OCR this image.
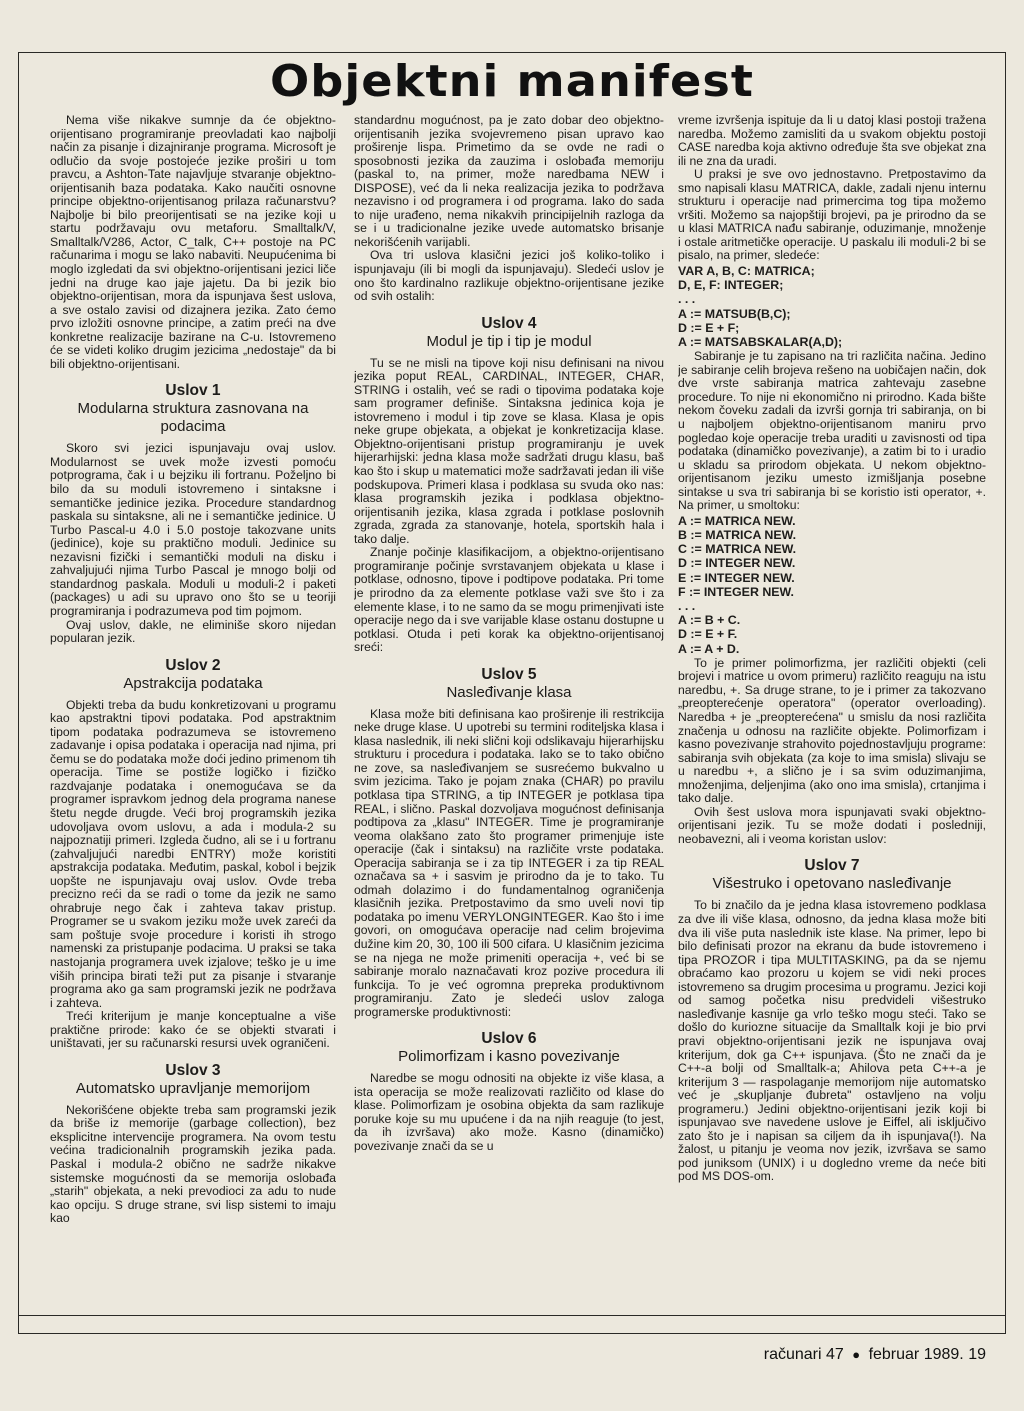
Objektni manifest

Nema više nikakve sumnje da će objektno-orijentisano programiranje preovladati kao najbolji način za pisanje i dizajniranje programa. Microsoft je odlučio da svoje postojeće jezike proširi u tom pravcu, a Ashton-Tate najavljuje stvaranje objektno-orijentisanih baza podataka. Kako naučiti osnovne principe objektno-orijentisanog prilaza računarstvu? Najbolje bi bilo preorijentisati se na jezike koji u startu podržavaju ovu metaforu. Smalltalk/V, Smalltalk/V286, Actor, C_talk, C++ postoje na PC računarima i mogu se lako nabaviti. Neupućenima bi moglo izgledati da svi objektno-orijentisani jezici liče jedni na druge kao jaje jajetu. Da bi jezik bio objektno-orijentisan, mora da ispunjava šest uslova, a sve ostalo zavisi od dizajnera jezika. Zato ćemo prvo izložiti osnovne principe, a zatim preći na dve konkretne realizacije bazirane na C-u. Istovremeno će se videti koliko drugim jezicima „nedostaje" da bi bili objektno-orijentisani.

Uslov 1
Modularna struktura zasnovana na podacima

Skoro svi jezici ispunjavaju ovaj uslov. Modularnost se uvek može izvesti pomoću potprograma, čak i u bejziku ili fortranu. Poželjno bi bilo da su moduli istovremeno i sintaksne i semantičke jedinice jezika. Procedure standardnog paskala su sintaksne, ali ne i semantičke jedinice. U Turbo Pascal-u 4.0 i 5.0 postoje takozvane units (jedinice), koje su praktično moduli. Jedinice su nezavisni fizički i semantički moduli na disku i zahvaljujući njima Turbo Pascal je mnogo bolji od standardnog paskala. Moduli u moduli-2 i paketi (packages) u adi su upravo ono što se u teoriji programiranja i podrazumeva pod tim pojmom.

Ovaj uslov, dakle, ne eliminiše skoro nijedan popularan jezik.

Uslov 2
Apstrakcija podataka

Objekti treba da budu konkretizovani u programu kao apstraktni tipovi podataka. Pod apstraktnim tipom podataka podrazumeva se istovremeno zadavanje i opisa podataka i operacija nad njima, pri čemu se do podataka može doći jedino primenom tih operacija. Time se postiže logičko i fizičko razdvajanje podataka i onemogućava se da programer ispravkom jednog dela programa nanese štetu negde drugde. Veći broj programskih jezika udovoljava ovom uslovu, a ada i modula-2 su najpoznatiji primeri. Izgleda čudno, ali se i u fortranu (zahvaljujući naredbi ENTRY) može koristiti apstrakcija podataka. Međutim, paskal, kobol i bejzik uopšte ne ispunjavaju ovaj uslov. Ovde treba precizno reći da se radi o tome da jezik ne samo ohrabruje nego čak i zahteva takav pristup. Programer se u svakom jeziku može uvek zareći da sam poštuje svoje procedure i koristi ih strogo namenski za pristupanje podacima. U praksi se taka nastojanja programera uvek izjalove; teško je u ime viših principa birati teži put za pisanje i stvaranje programa ako ga sam programski jezik ne podržava i zahteva.

Treći kriterijum je manje konceptualne a više praktične prirode: kako će se objekti stvarati i uništavati, jer su računarski resursi uvek ograničeni.

Uslov 3
Automatsko upravljanje memorijom

Nekorišćene objekte treba sam programski jezik da briše iz memorije (garbage collection), bez eksplicitne intervencije programera. Na ovom testu većina tradicionalnih programskih jezika pada. Paskal i modula-2 obično ne sadrže nikakve sistemske mogućnosti da se memorija oslobađa „starih" objekata, a neki prevodioci za adu to nude kao opciju. S druge strane, svi lisp sistemi to imaju kao

standardnu mogućnost, pa je zato dobar deo objektno-orijentisanih jezika svojevremeno pisan upravo kao proširenje lispa. Primetimo da se ovde ne radi o sposobnosti jezika da zauzima i oslobađa memoriju (paskal to, na primer, može naredbama NEW i DISPOSE), već da li neka realizacija jezika to podržava nezavisno i od programera i od programa. Iako do sada to nije urađeno, nema nikakvih principijelnih razloga da se i u tradicionalne jezike uvede automatsko brisanje nekorišćenih varijabli.

Ova tri uslova klasični jezici još koliko-toliko i ispunjavaju (ili bi mogli da ispunjavaju). Sledeći uslov je ono što kardinalno razlikuje objektno-orijentisane jezike od svih ostalih:

Uslov 4
Modul je tip i tip je modul

Tu se ne misli na tipove koji nisu definisani na nivou jezika poput REAL, CARDINAL, INTEGER, CHAR, STRING i ostalih, već se radi o tipovima podataka koje sam programer definiše. Sintaksna jedinica koja je istovremeno i modul i tip zove se klasa. Klasa je opis neke grupe objekata, a objekat je konkretizacija klase. Objektno-orijentisani pristup programiranju je uvek hijerarhijski: jedna klasa može sadržati drugu klasu, baš kao što i skup u matematici može sadržavati jedan ili više podskupova. Primeri klasa i podklasa su svuda oko nas: klasa programskih jezika i podklasa objektno-orijentisanih jezika, klasa zgrada i potklase poslovnih zgrada, zgrada za stanovanje, hotela, sportskih hala i tako dalje.

Znanje počinje klasifikacijom, a objektno-orijentisano programiranje počinje svrstavanjem objekata u klase i potklase, odnosno, tipove i podtipove podataka. Pri tome je prirodno da za elemente potklase važi sve što i za elemente klase, i to ne samo da se mogu primenjivati iste operacije nego da i sve varijable klase ostanu dostupne u potklasi. Otuda i peti korak ka objektno-orijentisanoj sreći:

Uslov 5
Nasleđivanje klasa

Klasa može biti definisana kao proširenje ili restrikcija neke druge klase. U upotrebi su termini roditeljska klasa i klasa naslednik, ili neki slični koji odslikavaju hijerarhijsku strukturu i procedura i podataka. Iako se to tako obično ne zove, sa nasleđivanjem se susrećemo bukvalno u svim jezicima. Tako je pojam znaka (CHAR) po pravilu potklasa tipa STRING, a tip INTEGER je potklasa tipa REAL, i slično. Paskal dozvoljava mogućnost definisanja podtipova za „klasu" INTEGER. Time je programiranje veoma olakšano zato što programer primenjuje iste operacije (čak i sintaksu) na različite vrste podataka. Operacija sabiranja se i za tip INTEGER i za tip REAL označava sa + i sasvim je prirodno da je to tako. Tu odmah dolazimo i do fundamentalnog ograničenja klasičnih jezika. Pretpostavimo da smo uveli novi tip podataka po imenu VERYLONGINTEGER. Kao što i ime govori, on omogućava operacije nad celim brojevima dužine kim 20, 30, 100 ili 500 cifara. U klasičnim jezicima se na njega ne može primeniti operacija +, već bi se sabiranje moralo naznačavati kroz pozive procedura ili funkcija. To je već ogromna prepreka produktivnom programiranju. Zato je sledeći uslov zaloga programerske produktivnosti:

Uslov 6
Polimorfizam i kasno povezivanje

Naredbe se mogu odnositi na objekte iz više klasa, a ista operacija se može realizovati različito od klase do klase. Polimorfizam je osobina objekta da sam razlikuje poruke koje su mu upućene i da na njih reaguje (to jest, da ih izvršava) ako može. Kasno (dinamičko) povezivanje znači da se u

vreme izvršenja ispituje da li u datoj klasi postoji tražena naredba. Možemo zamisliti da u svakom objektu postoji CASE naredba koja aktivno određuje šta sve objekat zna ili ne zna da uradi.

U praksi je sve ovo jednostavno. Pretpostavimo da smo napisali klasu MATRICA, dakle, zadali njenu internu strukturu i operacije nad primercima tog tipa možemo vršiti. Možemo sa najopštiji brojevi, pa je prirodno da se u klasi MATRICA nađu sabiranje, oduzimanje, množenje i ostale aritmetičke operacije. U paskalu ili moduli-2 bi se pisalo, na primer, sledeće:

VAR A, B, C: MATRICA;
D, E, F: INTEGER;
. . .
A := MATSUB(B,C);
D := E + F;
A := MATSABSKALAR(A,D);

Sabiranje je tu zapisano na tri različita načina. Jedino je sabiranje celih brojeva rešeno na uobičajen način, dok dve vrste sabiranja matrica zahtevaju zasebne procedure. To nije ni ekonomično ni prirodno. Kada bište nekom čoveku zadali da izvrši gornja tri sabiranja, on bi u najboljem objektno-orijentisanom maniru prvo pogledao koje operacije treba uraditi u zavisnosti od tipa podataka (dinamičko povezivanje), a zatim bi to i uradio u skladu sa prirodom objekata. U nekom objektno-orijentisanom jeziku umesto izmišljanja posebne sintakse u sva tri sabiranja bi se koristio isti operator, +. Na primer, u smoltoku:

A := MATRICA NEW.
B := MATRICA NEW.
C := MATRICA NEW.
D := INTEGER NEW.
E := INTEGER NEW.
F := INTEGER NEW.
. . .
A := B + C.
D := E + F.
A := A + D.

To je primer polimorfizma, jer različiti objekti (celi brojevi i matrice u ovom primeru) različito reaguju na istu naredbu, +. Sa druge strane, to je i primer za takozvano „preopterećenje operatora" (operator overloading). Naredba + je „preopterećena" u smislu da nosi različita značenja u odnosu na različite objekte. Polimorfizam i kasno povezivanje strahovito pojednostavljuju programe: sabiranja svih objekata (za koje to ima smisla) slivaju se u naredbu +, a slično je i sa svim oduzimanjima, množenjima, deljenjima (ako ono ima smisla), crtanjima i tako dalje.

Ovih šest uslova mora ispunjavati svaki objektno-orijentisani jezik. Tu se može dodati i posledniji, neobavezni, ali i veoma koristan uslov:

Uslov 7
Višestruko i opetovano nasleđivanje

To bi značilo da je jedna klasa istovremeno podklasa za dve ili više klasa, odnosno, da jedna klasa može biti dva ili više puta naslednik iste klase. Na primer, lepo bi bilo definisati prozor na ekranu da bude istovremeno i tipa PROZOR i tipa MULTITASKING, pa da se njemu obraćamo kao prozoru u kojem se vidi neki proces istovremeno sa drugim procesima u programu. Jezici koji od samog početka nisu predvideli višestruko nasleđivanje kasnije ga vrlo teško mogu steći. Tako se došlo do kuriozne situacije da Smalltalk koji je bio prvi pravi objektno-orijentisani jezik ne ispunjava ovaj kriterijum, dok ga C++ ispunjava. (Što ne znači da je C++-a bolji od Smalltalk-a; Ahilova peta C++-a je kriterijum 3 — raspolaganje memorijom nije automatsko već je „skupljanje đubreta" ostavljeno na volju programeru.) Jedini objektno-orijentisani jezik koji bi ispunjavao sve navedene uslove je Eiffel, ali isključivo zato što je i napisan sa ciljem da ih ispunjava(!). Na žalost, u pitanju je veoma nov jezik, izvršava se samo pod juniksom (UNIX) i u dogledno vreme da neće biti pod MS DOS-om.

računari 47 ● februar 1989. 19
